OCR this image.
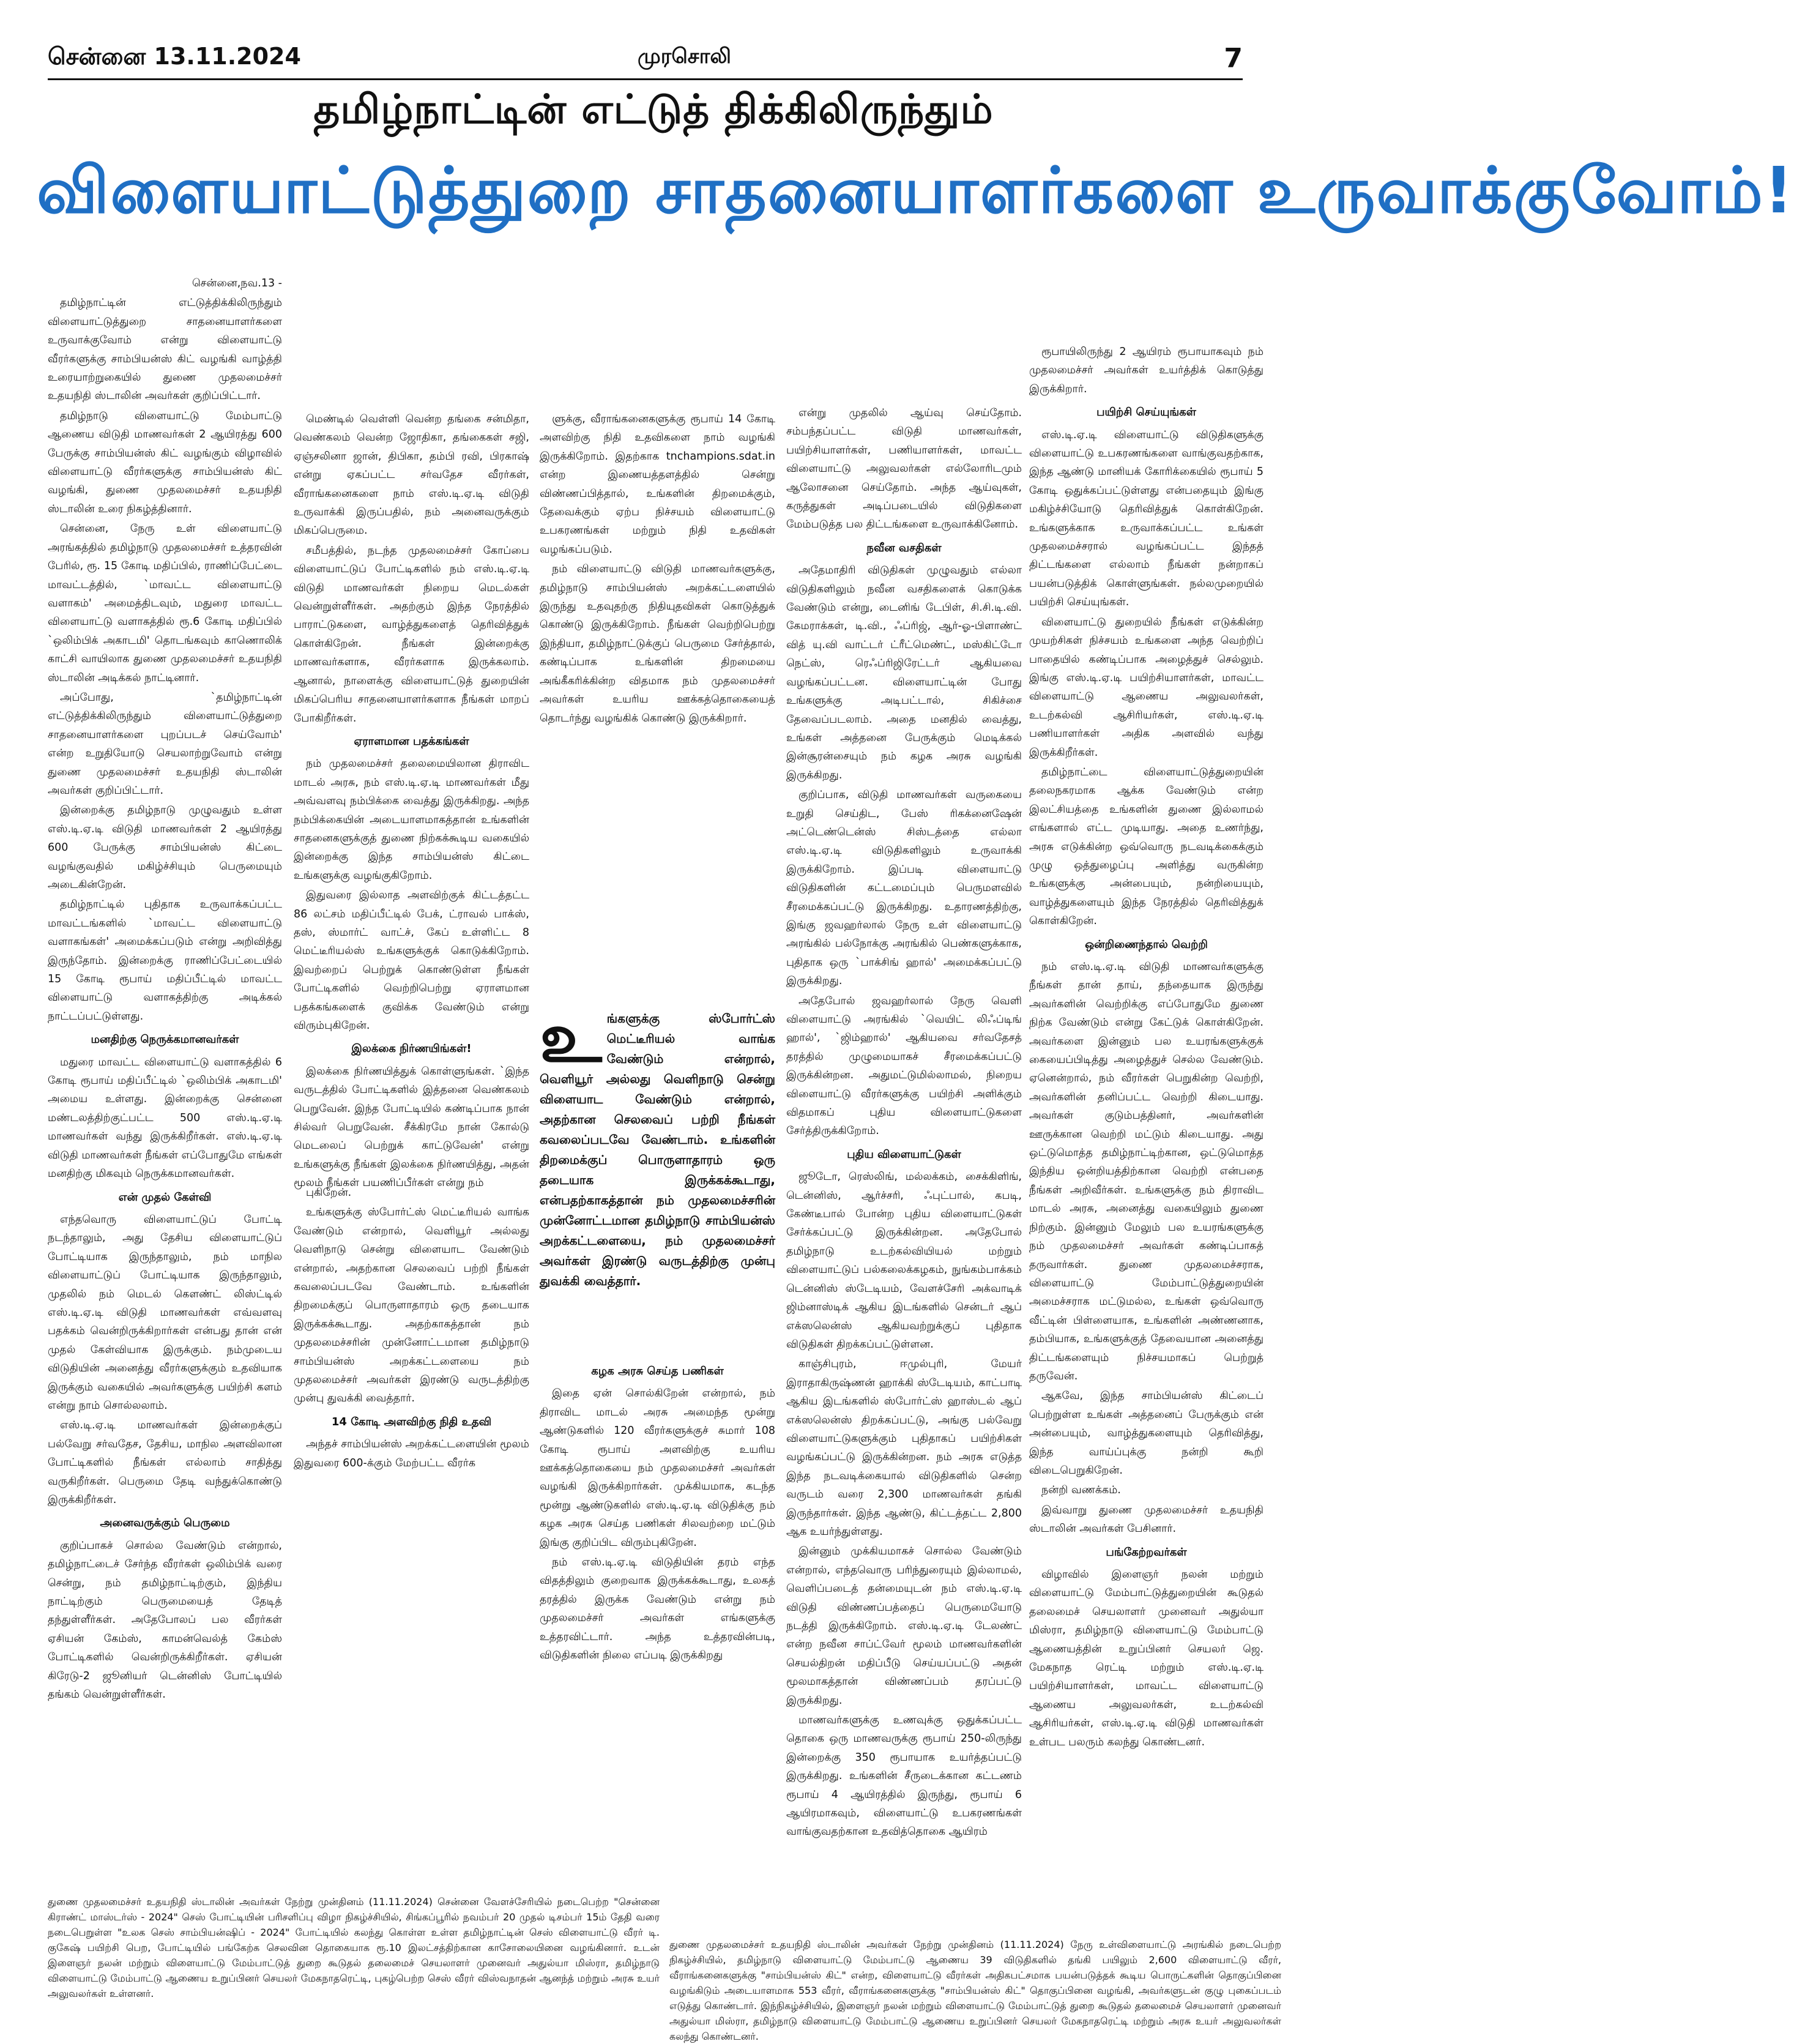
சென்னை 13.11.2024	முரசொலி	7
தமிழ்நாட்டின் எட்டுத் திக்கிலிருந்தும்
விளையாட்டுத்துறை சாதனையாளர்களை உருவாக்குவோம்!
சென்னை,நவ.13 -

தமிழ்நாட்டின் எட்டுத்திக்கிலிருந்தும் விளையாட்டுத்துறை சாதனையாளர்களை உருவாக்குவோம் என்று விளையாட்டு வீரர்களுக்கு சாம்பியன்ஸ் கிட் வழங்கி வாழ்த்தி உரையாற்றுகையில் துணை முதலமைச்சர் உதயநிதி ஸ்டாலின் அவர்கள் குறிப்பிட்டார்.

தமிழ்நாடு விளையாட்டு மேம்பாட்டு ஆணைய விடுதி மாணவர்கள் 2 ஆயிரத்து 600 பேருக்கு சாம்பியன்ஸ் கிட் வழங்கும் விழாவில் விளையாட்டு வீரர்களுக்கு சாம்பியன்ஸ் கிட் வழங்கி, துணை முதலமைச்சர் உதயநிதி ஸ்டாலின் உரை நிகழ்த்தினார்.

சென்னை, நேரு உள் விளையாட்டு அரங்கத்தில் தமிழ்நாடு முதலமைச்சர் உத்தரவின் பேரில், ரூ. 15 கோடி மதிப்பில், ராணிப்பேட்டை மாவட்டத்தில், `மாவட்ட விளையாட்டு வளாகம்' அமைத்திடவும், மதுரை மாவட்ட விளையாட்டு வளாகத்தில் ரூ.6 கோடி மதிப்பில் `ஒலிம்பிக் அகாடமி' தொடங்கவும் காணொலிக் காட்சி வாயிலாக துணை முதலமைச்சர் உதயநிதி ஸ்டாலின் அடிக்கல் நாட்டினார்.

அப்போது, `தமிழ்நாட்டின் எட்டுத்திக்கிலிருந்தும் விளையாட்டுத்துறை சாதனையாளர்களை புறப்படச் செய்வோம்' என்ற உறுதியோடு செயலாற்றுவோம் என்று துணை முதலமைச்சர் உதயநிதி ஸ்டாலின் அவர்கள் குறிப்பிட்டார்.

இன்றைக்கு தமிழ்நாடு முழுவதும் உள்ள எஸ்.டி.ஏ.டி விடுதி மாணவர்கள் 2 ஆயிரத்து 600 பேருக்கு சாம்பியன்ஸ் கிட்டை வழங்குவதில் மகிழ்ச்சியும் பெருமையும் அடைகின்றேன்.

தமிழ்நாட்டில் புதிதாக உருவாக்கப்பட்ட மாவட்டங்களில் `மாவட்ட விளையாட்டு வளாகங்கள்' அமைக்கப்படும் என்று அறிவித்து இருந்தோம். இன்றைக்கு ராணிப்பேட்டையில் 15 கோடி ரூபாய் மதிப்பீட்டில் மாவட்ட விளையாட்டு வளாகத்திற்கு அடிக்கல் நாட்டப்பட்டுள்ளது.

மனதிற்கு நெருக்கமானவர்கள்

மதுரை மாவட்ட விளையாட்டு வளாகத்தில் 6 கோடி ரூபாய் மதிப்பீட்டில் `ஒலிம்பிக் அகாடமி' அமைய உள்ளது. இன்றைக்கு சென்னை மண்டலத்திற்குட்பட்ட 500 எஸ்.டி.ஏ.டி மாணவர்கள் வந்து இருக்கிறீர்கள். எஸ்.டி.ஏ.டி விடுதி மாணவர்கள் நீங்கள் எப்போதுமே எங்கள் மனதிற்கு மிகவும் நெருக்கமானவர்கள்.

என் முதல் கேள்வி

எந்தவொரு விளையாட்டுப் போட்டி நடந்தாலும், அது தேசிய விளையாட்டுப் போட்டியாக இருந்தாலும், நம் மாநில விளையாட்டுப் போட்டியாக இருந்தாலும், முதலில் நம் மெடல் கௌண்ட் லிஸ்ட்டில் எஸ்.டி.ஏ.டி விடுதி மாணவர்கள் எவ்வளவு பதக்கம் வென்றிருக்கிறார்கள் என்பது தான் என் முதல் கேள்வியாக இருக்கும். நம்முடைய விடுதியின் அனைத்து வீரர்களுக்கும் உதவியாக இருக்கும் வகையில் அவர்களுக்கு பயிற்சி களம் என்று நாம் சொல்லலாம்.

எஸ்.டி.ஏ.டி மாணவர்கள் இன்றைக்குப் பல்வேறு சர்வதேச, தேசிய, மாநில அளவிலான போட்டிகளில் நீங்கள் எல்லாம் சாதித்து வருகிறீர்கள். பெருமை தேடி வந்துக்கொண்டு இருக்கிறீர்கள்.

அனைவருக்கும் பெருமை

குறிப்பாகச் சொல்ல வேண்டும் என்றால், தமிழ்நாட்டைச் சேர்ந்த வீரர்கள் ஒலிம்பிக் வரை சென்று, நம் தமிழ்நாட்டிற்கும், இந்திய நாட்டிற்கும் பெருமையைத் தேடித் தந்துள்ளீர்கள். அதேபோலப் பல வீரர்கள் ஏசியன் கேம்ஸ், காமன்வெல்த் கேம்ஸ் போட்டிகளில் வென்றிருக்கிறீர்கள். ஏசியன் கிரேடு-2 ஜூனியர் டென்னிஸ் போட்டியில் தங்கம் வென்றுள்ளீர்கள்.

மெண்டில் வெள்ளி வென்ற தங்கை சன்மிதா, வெண்கலம் வென்ற ஜோதிகா, தங்கைகள் சஜி, ஏஞ்சலினா ஜான், திபிகா, தம்பி ரவி, பிரகாஷ் என்று ஏகப்பட்ட சர்வதேச வீரர்கள், வீராங்கனைகளை நாம் எஸ்.டி.ஏ.டி விடுதி உருவாக்கி இருப்பதில், நம் அனைவருக்கும் மிகப்பெருமை.

சமீபத்தில், நடந்த முதலமைச்சர் கோப்பை விளையாட்டுப் போட்டிகளில் நம் எஸ்.டி.ஏ.டி விடுதி மாணவர்கள் நிறைய மெடல்கள் வென்றுள்ளீர்கள். அதற்கும் இந்த நேரத்தில் பாராட்டுகளை, வாழ்த்துகளைத் தெரிவித்துக் கொள்கிறேன். நீங்கள் இன்றைக்கு மாணவர்களாக, வீரர்களாக இருக்கலாம். ஆனால், நாளைக்கு விளையாட்டுத் துறையின் மிகப்பெரிய சாதனையாளர்களாக நீங்கள் மாறப் போகிறீர்கள்.

ஏராளமான பதக்கங்கள்

நம் முதலமைச்சர் தலைமையிலான திராவிட மாடல் அரசு, நம் எஸ்.டி.ஏ.டி மாணவர்கள் மீது அவ்வளவு நம்பிக்கை வைத்து இருக்கிறது. அந்த நம்பிக்கையின் அடையாளமாகத்தான் உங்களின் சாதனைகளுக்குத் துணை நிற்கக்கூடிய வகையில் இன்றைக்கு இந்த சாம்பியன்ஸ் கிட்டை உங்களுக்கு வழங்குகிறோம்.

இதுவரை இல்லாத அளவிற்குக் கிட்டத்தட்ட 86 லட்சம் மதிப்பீட்டில் பேக், ட்ராவல் பாக்ஸ், தஸ், ஸ்மார்ட் வாட்ச், கேப் உள்ளிட்ட 8 மெட்டீரியல்ஸ் உங்களுக்குக் கொடுக்கிறோம். இவற்றைப் பெற்றுக் கொண்டுள்ள நீங்கள் போட்டிகளில் வெற்றிபெற்று ஏராளமான பதக்கங்களைக் குவிக்க வேண்டும் என்று விரும்புகிறேன்.

இலக்கை நிர்ணயிங்கள்!

இலக்கை நிர்ணயித்துக் கொள்ளுங்கள். `இந்த வருடத்தில் போட்டிகளில் இத்தனை வெண்கலம் பெறுவேன். இந்த போட்டியில் கண்டிப்பாக நான் சில்வர் பெறுவேன். சீக்கிரமே நான் கோல்டு மெடலைப் பெற்றுக் காட்டுவேன்' என்று உங்களுக்கு நீங்கள் இலக்கை நிர்ணயித்து, அதன் மூலம் நீங்கள் பயணிப்பீர்கள் என்று நம்

புகிறேன்.

உங்களுக்கு ஸ்போர்ட்ஸ் மெட்டீரியல் வாங்க வேண்டும் என்றால், வெளியூர் அல்லது வெளிநாடு சென்று விளையாட வேண்டும் என்றால், அதற்கான செலவைப் பற்றி நீங்கள் கவலைப்படவே வேண்டாம். உங்களின் திறமைக்குப் பொருளாதாரம் ஒரு தடையாக இருக்கக்கூடாது. அதற்காகத்தான் நம் முதலமைச்சரின் முன்னோட்டமான தமிழ்நாடு சாம்பியன்ஸ் அறக்கட்டளையை நம் முதலமைச்சர் அவர்கள் இரண்டு வருடத்திற்கு முன்பு துவக்கி வைத்தார்.

14 கோடி அளவிற்கு நிதி உதவி

அந்தச் சாம்பியன்ஸ் அறக்கட்டளையின் மூலம் இதுவரை 600-க்கும் மேற்பட்ட வீரர்க

ளுக்கு, வீராங்கனைகளுக்கு ரூபாய் 14 கோடி அளவிற்கு நிதி உதவிகளை நாம் வழங்கி இருக்கிறோம். இதற்காக tnchampions.sdat.in என்ற இணையத்தளத்தில் சென்று விண்ணப்பித்தால், உங்களின் திறமைக்கும், தேவைக்கும் ஏற்ப நிச்சயம் விளையாட்டு உபகரணங்கள் மற்றும் நிதி உதவிகள் வழங்கப்படும்.

நம் விளையாட்டு விடுதி மாணவர்களுக்கு, தமிழ்நாடு சாம்பியன்ஸ் அறக்கட்டளையில் இருந்து உதவுதற்கு நிதியுதவிகள் கொடுத்துக் கொண்டு இருக்கிறோம். நீங்கள் வெற்றிபெற்று இந்தியா, தமிழ்நாட்டுக்குப் பெருமை சேர்த்தால், கண்டிப்பாக உங்களின் திறமையை அங்கீகரிக்கின்ற விதமாக நம் முதலமைச்சர் அவர்கள் உயரிய ஊக்கத்தொகையைத் தொடர்ந்து வழங்கிக் கொண்டு இருக்கிறார்.

உங்களுக்கு ஸ்போர்ட்ஸ் மெட்டீரியல் வாங்க வேண்டும் என்றால், வெளியூர் அல்லது வெளிநாடு சென்று விளையாட வேண்டும் என்றால், அதற்கான செலவைப் பற்றி நீங்கள் கவலைப்படவே வேண்டாம். உங்களின் திறமைக்குப் பொருளாதாரம் ஒரு தடையாக இருக்கக்கூடாது, என்பதற்காகத்தான் நம் முதலமைச்சரின் முன்னோட்டமான தமிழ்நாடு சாம்பியன்ஸ் அறக்கட்டளையை, நம் முதலமைச்சர் அவர்கள் இரண்டு வருடத்திற்கு முன்பு துவக்கி வைத்தார்.
கழக அரசு செய்த பணிகள்

இதை ஏன் சொல்கிறேன் என்றால், நம் திராவிட மாடல் அரசு அமைந்த மூன்று ஆண்டுகளில் 120 வீரர்களுக்குச் சுமார் 108 கோடி ரூபாய் அளவிற்கு உயரிய ஊக்கத்தொகையை நம் முதலமைச்சர் அவர்கள் வழங்கி இருக்கிறார்கள். முக்கியமாக, கடந்த மூன்று ஆண்டுகளில் எஸ்.டி.ஏ.டி விடுதிக்கு நம் கழக அரசு செய்த பணிகள் சிலவற்றை மட்டும் இங்கு குறிப்பிட விரும்புகிறேன்.

நம் எஸ்.டி.ஏ.டி விடுதியின் தரம் எந்த விதத்திலும் குறைவாக இருக்கக்கூடாது, உலகத் தரத்தில் இருக்க வேண்டும் என்று நம் முதலமைச்சர் அவர்கள் எங்களுக்கு உத்தரவிட்டார். அந்த உத்தரவின்படி, விடுதிகளின் நிலை எப்படி இருக்கிறது

என்று முதலில் ஆய்வு செய்தோம். சம்பந்தப்பட்ட விடுதி மாணவர்கள், பயிற்சியாளர்கள், பணியாளர்கள், மாவட்ட விளையாட்டு அலுவலர்கள் எல்லோரிடமும் ஆலோசனை செய்தோம். அந்த ஆய்வுகள், கருத்துகள் அடிப்படையில் விடுதிகளை மேம்படுத்த பல திட்டங்களை உருவாக்கினோம்.

நவீன வசதிகள்

அதேமாதிரி விடுதிகள் முழுவதும் எல்லா விடுதிகளிலும் நவீன வசதிகளைக் கொடுக்க வேண்டும் என்று, டைனிங் டேபிள், சி.சி.டி.வி. கேமராக்கள், டி.வி., ஃப்ரிஜ், ஆர்-ஓ-பிளாண்ட் வித் யு.வி வாட்டர் ட்ரீட்மெண்ட், மஸ்கிட்டோ நெட்ஸ், ரெஃப்ரிஜிரேட்டர் ஆகியவை வழங்கப்பட்டன. விளையாட்டின் போது உங்களுக்கு அடிபட்டால், சிகிச்சை தேவைப்படலாம். அதை மனதில் வைத்து, உங்கள் அத்தனை பேருக்கும் மெடிக்கல் இன்சூரன்சையும் நம் கழக அரசு வழங்கி இருக்கிறது.

குறிப்பாக, விடுதி மாணவர்கள் வருகையை உறுதி செய்திட, பேஸ் ரிகக்னைஷேன் அட்டெண்டென்ஸ் சிஸ்டத்தை எல்லா எஸ்.டி.ஏ.டி விடுதிகளிலும் உருவாக்கி இருக்கிறோம். இப்படி விளையாட்டு விடுதிகளின் கட்டமைப்பும் பெருமளவில் சீரமைக்கப்பட்டு இருக்கிறது. உதாரணத்திற்கு, இங்கு ஜவஹர்லால் நேரு உள் விளையாட்டு அரங்கில் பல்நோக்கு அரங்கில் பெண்களுக்காக, புதிதாக ஒரு `பாக்சிங் ஹால்' அமைக்கப்பட்டு இருக்கிறது.

அதேபோல் ஜவஹர்லால் நேரு வெளி விளையாட்டு அரங்கில் `வெயிட் லிஃப்டிங் ஹால்', `ஜிம்ஹால்' ஆகியவை சர்வதேசத் தரத்தில் முழுமையாகச் சீரமைக்கப்பட்டு இருக்கின்றன. அதுமட்டுமில்லாமல், நிறைய விளையாட்டு வீரர்களுக்கு பயிற்சி அளிக்கும் விதமாகப் புதிய விளையாட்டுகளை சேர்த்திருக்கிறோம்.

புதிய விளையாட்டுகள்

ஜூடோ, ரெஸ்லிங், மல்லக்கம், சைக்கிளிங், டென்னிஸ், ஆர்ச்சரி, ஃபுட்பால், கபடி, கேண்டீபால் போன்ற புதிய விளையாட்டுகள் சேர்க்கப்பட்டு இருக்கின்றன. அதேபோல் தமிழ்நாடு உடற்கல்வியியல் மற்றும் விளையாட்டுப் பல்கலைக்கழகம், நுங்கம்பாக்கம் டென்னிஸ் ஸ்டேடியம், வேளச்சேரி அக்வாடிக் ஜிம்னாஸ்டிக் ஆகிய இடங்களில் சென்டர் ஆப் எக்ஸலென்ஸ் ஆகியவற்றுக்குப் புதிதாக விடுதிகள் திறக்கப்பட்டுள்ளன.

காஞ்சிபுரம், ஈமுல்புரி, மேயர் இராதாகிருஷ்ணன் ஹாக்கி ஸ்டேடியம், காட்பாடி ஆகிய இடங்களில் ஸ்போர்ட்ஸ் ஹாஸ்டல் ஆப் எக்ஸலென்ஸ் திறக்கப்பட்டு, அங்கு பல்வேறு விளையாட்டுகளுக்கும் புதிதாகப் பயிற்சிகள் வழங்கப்பட்டு இருக்கின்றன. நம் அரசு எடுத்த இந்த நடவடிக்கையால் விடுதிகளில் சென்ற வருடம் வரை 2,300 மாணவர்கள் தங்கி இருந்தார்கள். இந்த ஆண்டு, கிட்டத்தட்ட 2,800 ஆக உயர்ந்துள்ளது.

இன்னும் முக்கியமாகச் சொல்ல வேண்டும் என்றால், எந்தவொரு பரிந்துரையும் இல்லாமல், வெளிப்படைத் தன்மையுடன் நம் எஸ்.டி.ஏ.டி விடுதி விண்ணப்பத்தைப் பெருமையோடு நடத்தி இருக்கிறோம். எஸ்.டி.ஏ.டி டேலண்ட் என்ற நவீன சாப்ட்வேர் மூலம் மாணவர்களின் செயல்திறன் மதிப்பீடு செய்யப்பட்டு அதன் மூலமாகத்தான் விண்ணப்பம் தரப்பட்டு இருக்கிறது.

மாணவர்களுக்கு உணவுக்கு ஒதுக்கப்பட்ட தொகை ஒரு மாணவருக்கு ரூபாய் 250-லிருந்து இன்றைக்கு 350 ரூபாயாக உயர்த்தப்பட்டு இருக்கிறது. உங்களின் சீருடைக்கான கட்டணம் ரூபாய் 4 ஆயிரத்தில் இருந்து, ரூபாய் 6 ஆயிரமாகவும், விளையாட்டு உபகரணங்கள் வாங்குவதற்கான உதவித்தொகை ஆயிரம்

ரூபாயிலிருந்து 2 ஆயிரம் ரூபாயாகவும் நம் முதலமைச்சர் அவர்கள் உயர்த்திக் கொடுத்து இருக்கிறார்.

பயிற்சி செய்யுங்கள்

எஸ்.டி.ஏ.டி விளையாட்டு விடுதிகளுக்கு விளையாட்டு உபகரணங்களை வாங்குவதற்காக, இந்த ஆண்டு மானியக் கோரிக்கையில் ரூபாய் 5 கோடி ஒதுக்கப்பட்டுள்ளது என்பதையும் இங்கு மகிழ்ச்சியோடு தெரிவித்துக் கொள்கிறேன். உங்களுக்காக உருவாக்கப்பட்ட உங்கள் முதலமைச்சரால் வழங்கப்பட்ட இந்தத் திட்டங்களை எல்லாம் நீங்கள் நன்றாகப் பயன்படுத்திக் கொள்ளுங்கள். நல்லமுறையில் பயிற்சி செய்யுங்கள்.

விளையாட்டு துறையில் நீங்கள் எடுக்கின்ற முயற்சிகள் நிச்சயம் உங்களை அந்த வெற்றிப் பாதையில் கண்டிப்பாக அழைத்துச் செல்லும். இங்கு எஸ்.டி.ஏ.டி பயிற்சியாளர்கள், மாவட்ட விளையாட்டு ஆணைய அலுவலர்கள், உடற்கல்வி ஆசிரியர்கள், எஸ்.டி.ஏ.டி பணியாளர்கள் அதிக அளவில் வந்து இருக்கிறீர்கள்.

தமிழ்நாட்டை விளையாட்டுத்துறையின் தலைநகரமாக ஆக்க வேண்டும் என்ற இலட்சியத்தை உங்களின் துணை இல்லாமல் எங்களால் எட்ட முடியாது. அதை உணர்ந்து, அரசு எடுக்கின்ற ஒவ்வொரு நடவடிக்கைக்கும் முழு ஒத்துழைப்பு அளித்து வருகின்ற உங்களுக்கு அன்பையும், நன்றியையும், வாழ்த்துகளையும் இந்த நேரத்தில் தெரிவித்துக் கொள்கிறேன்.

ஒன்றிணைந்தால் வெற்றி

நம் எஸ்.டி.ஏ.டி விடுதி மாணவர்களுக்கு நீங்கள் தான் தாய், தந்தையாக இருந்து அவர்களின் வெற்றிக்கு எப்போதுமே துணை நிற்க வேண்டும் என்று கேட்டுக் கொள்கிறேன். அவர்களை இன்னும் பல உயரங்களுக்குக் கையைப்பிடித்து அழைத்துச் செல்ல வேண்டும். ஏனென்றால், நம் வீரர்கள் பெறுகின்ற வெற்றி, அவர்களின் தனிப்பட்ட வெற்றி கிடையாது. அவர்கள் குடும்பத்தினர், அவர்களின் ஊருக்கான வெற்றி மட்டும் கிடையாது. அது ஒட்டுமொத்த தமிழ்நாட்டிற்கான, ஒட்டுமொத்த இந்திய ஒன்றியத்திற்கான வெற்றி என்பதை நீங்கள் அறிவீர்கள். உங்களுக்கு நம் திராவிட மாடல் அரசு, அனைத்து வகையிலும் துணை நிற்கும். இன்னும் மேலும் பல உயரங்களுக்கு நம் முதலமைச்சர் அவர்கள் கண்டிப்பாகத் தருவார்கள். துணை முதலமைச்சராக, விளையாட்டு மேம்பாட்டுத்துறையின் அமைச்சராக மட்டுமல்ல, உங்கள் ஒவ்வொரு வீட்டின் பிள்ளையாக, உங்களின் அண்ணனாக, தம்பியாக, உங்களுக்குத் தேவையான அனைத்து திட்டங்களையும் நிச்சயமாகப் பெற்றுத் தருவேன்.

ஆகவே, இந்த சாம்பியன்ஸ் கிட்டைப் பெற்றுள்ள உங்கள் அத்தனைப் பேருக்கும் என் அன்பையும், வாழ்த்துகளையும் தெரிவித்து, இந்த வாய்ப்புக்கு நன்றி கூறி விடைபெறுகிறேன்.

நன்றி வணக்கம்.

இவ்வாறு துணை முதலமைச்சர் உதயநிதி ஸ்டாலின் அவர்கள் பேசினார்.

பங்கேற்றவர்கள்

விழாவில் இளைஞர் நலன் மற்றும் விளையாட்டு மேம்பாட்டுத்துறையின் கூடுதல் தலைமைச் செயலாளர் முனைவர் அதுல்யா மிஸ்ரா, தமிழ்நாடு விளையாட்டு மேம்பாட்டு ஆணையத்தின் உறுப்பினர் செயலர் ஜெ. மேகநாத ரெட்டி மற்றும் எஸ்.டி.ஏ.டி பயிற்சியாளர்கள், மாவட்ட விளையாட்டு ஆணைய அலுவலர்கள், உடற்கல்வி ஆசிரியர்கள், எஸ்.டி.ஏ.டி விடுதி மாணவர்கள் உள்பட பலரும் கலந்து கொண்டனர்.

துணை முதலமைச்சர் உதயநிதி ஸ்டாலின் அவர்கள் நேற்று முன்தினம் (11.11.2024) சென்னை வேளச்சேரியில் நடைபெற்ற "சென்னை கிராண்ட் மாஸ்டர்ஸ் - 2024" செஸ் போட்டியின் பரிசளிப்பு விழா நிகழ்ச்சியில், சிங்கப்பூரில் நவம்பர் 20 முதல் டிசம்பர் 15ம் தேதி வரை நடைபெறுள்ள "உலக செஸ் சாம்பியன்ஷிப் - 2024" போட்டியில் கலந்து கொள்ள உள்ள தமிழ்நாட்டின் செஸ் விளையாட்டு வீரர் டி. குகேஷ் பயிற்சி பெற, போட்டியில் பங்கேற்க செலவின தொகையாக ரூ.10 இலட்சத்திற்கான காசோலையினை வழங்கினார். உடன் இளைஞர் நலன் மற்றும் விளையாட்டு மேம்பாட்டுத் துறை கூடுதல் தலைமைச் செயலாளர் முனைவர் அதுல்யா மிஸ்ரா, தமிழ்நாடு விளையாட்டு மேம்பாட்டு ஆணைய உறுப்பினர் செயலர் மேகநாதரெட்டி, புகழ்பெற்ற செஸ் வீரர் விஸ்வநாதன் ஆனந்த் மற்றும் அரசு உயர் அலுவலர்கள் உள்ளனர்.
துணை முதலமைச்சர் உதயநிதி ஸ்டாலின் அவர்கள் நேற்று முன்தினம் (11.11.2024) நேரு உள்விளையாட்டு அரங்கில் நடைபெற்ற நிகழ்ச்சியில், தமிழ்நாடு விளையாட்டு மேம்பாட்டு ஆணைய 39 விடுதிகளில் தங்கி பயிலும் 2,600 விளையாட்டு வீரர், வீராங்கனைகளுக்கு "சாம்பியன்ஸ் கிட்" என்ற, விளையாட்டு வீரர்கள் அதிகபட்சமாக பயன்படுத்தக் கூடிய பொருட்களின் தொகுப்பினை வழங்கிடும் அடையாளமாக 553 வீரர், வீராங்கனைகளுக்கு "சாம்பியன்ஸ் கிட்" தொகுப்பினை வழங்கி, அவர்களுடன் குழு புகைப்படம் எடுத்து கொண்டார். இந்நிகழ்ச்சியில், இளைஞர் நலன் மற்றும் விளையாட்டு மேம்பாட்டுத் துறை கூடுதல் தலைமைச் செயலாளர் முனைவர் அதுல்யா மிஸ்ரா, தமிழ்நாடு விளையாட்டு மேம்பாட்டு ஆணைய உறுப்பினர் செயலர் மேகநாதரெட்டி மற்றும் அரசு உயர் அலுவலர்கள் கலந்து கொண்டனர்.
